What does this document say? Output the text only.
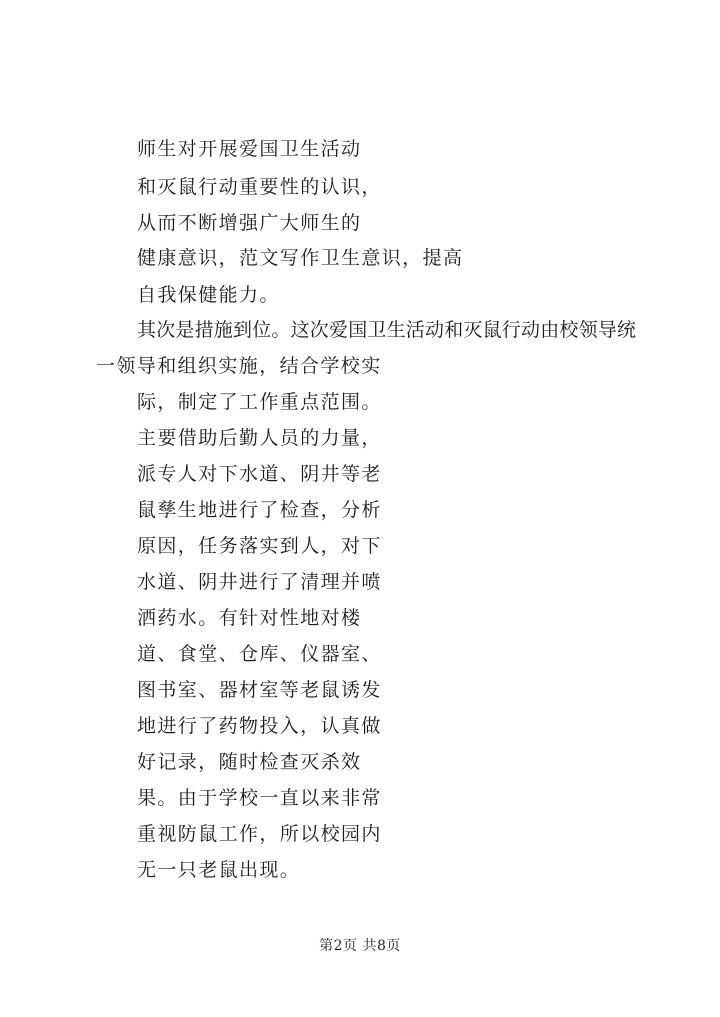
师生对开展爱国卫生活动
和灭鼠行动重要性的认识，
从而不断增强广大师生的
健康意识，范文写作卫生意识，提高
自我保健能力。
其次是措施到位。这次爱国卫生活动和灭鼠行动由校领导统
一领导和组织实施，结合学校实
际，制定了工作重点范围。
主要借助后勤人员的力量，
派专人对下水道、阴井等老
鼠孳生地进行了检查，分析
原因，任务落实到人，对下
水道、阴井进行了清理并喷
洒药水。有针对性地对楼
道、食堂、仓库、仪器室、
图书室、器材室等老鼠诱发
地进行了药物投入，认真做
好记录，随时检查灭杀效
果。由于学校一直以来非常
重视防鼠工作，所以校园内
无一只老鼠出现。
第2页 共8页
